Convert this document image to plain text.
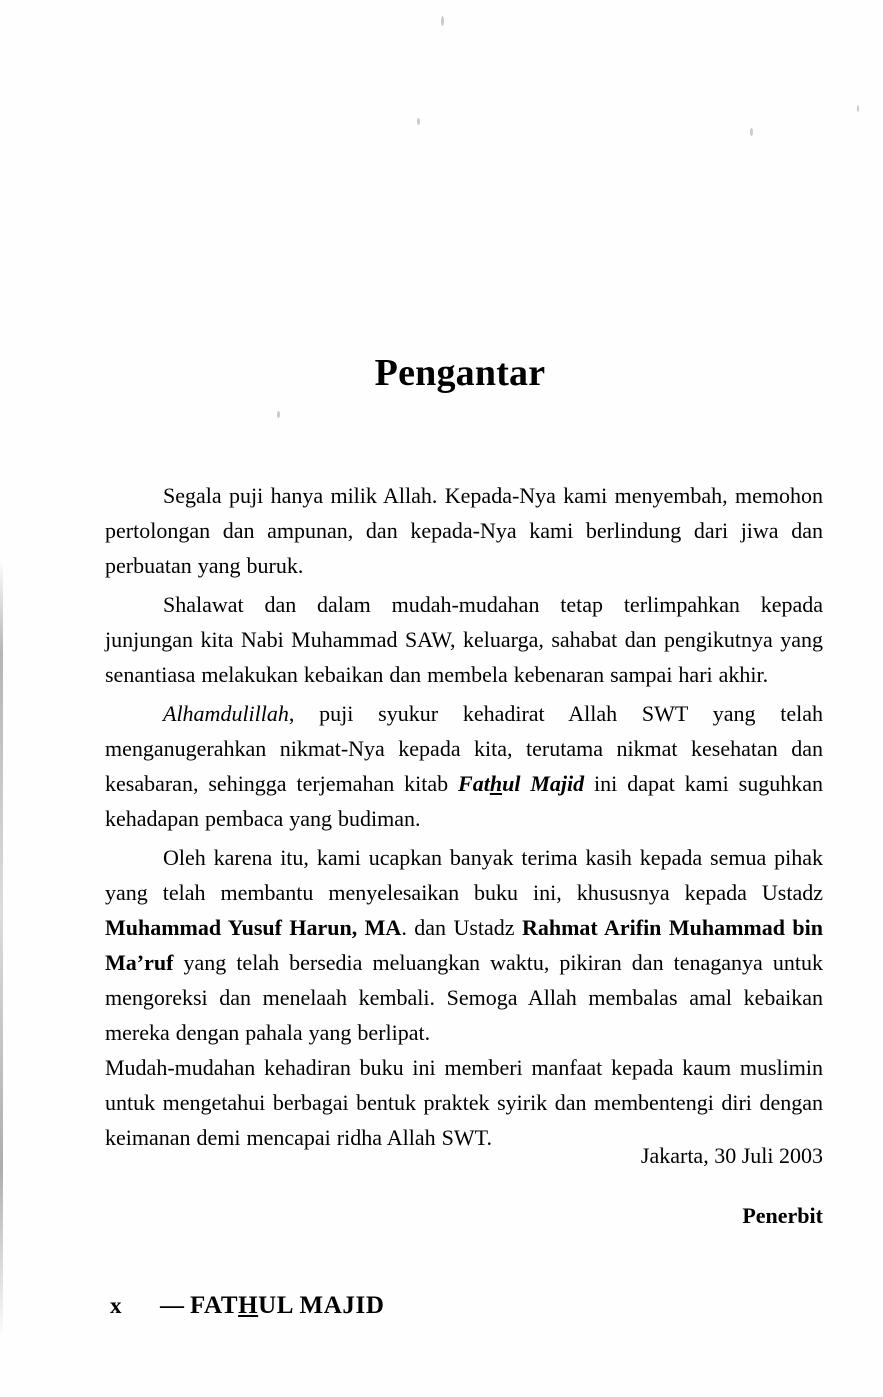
Pengantar

Segala puji hanya milik Allah. Kepada-Nya kami menyembah, memohon pertolongan dan ampunan, dan kepada-Nya kami berlindung dari jiwa dan perbuatan yang buruk.

Shalawat dan dalam mudah-mudahan tetap terlimpahkan kepada junjungan kita Nabi Muhammad SAW, keluarga, sahabat dan pengikutnya yang senantiasa melakukan kebaikan dan membela kebenaran sampai hari akhir.

Alhamdulillah, puji syukur kehadirat Allah SWT yang telah menganugerahkan nikmat-Nya kepada kita, terutama nikmat kesehatan dan kesabaran, sehingga terjemahan kitab Fathul Majid ini dapat kami suguhkan kehadapan pembaca yang budiman.

Oleh karena itu, kami ucapkan banyak terima kasih kepada semua pihak yang telah membantu menyelesaikan buku ini, khususnya kepada Ustadz Muhammad Yusuf Harun, MA. dan Ustadz Rahmat Arifin Muhammad bin Ma’ruf yang telah bersedia meluangkan waktu, pikiran dan tenaganya untuk mengoreksi dan menelaah kembali. Semoga Allah membalas amal kebaikan mereka dengan pahala yang berlipat.

Mudah-mudahan kehadiran buku ini memberi manfaat kepada kaum muslimin untuk mengetahui berbagai bentuk praktek syirik dan membentengi diri dengan keimanan demi mencapai ridha Allah SWT.

Jakarta, 30 Juli 2003
Penerbit
x — FATHUL MAJID
